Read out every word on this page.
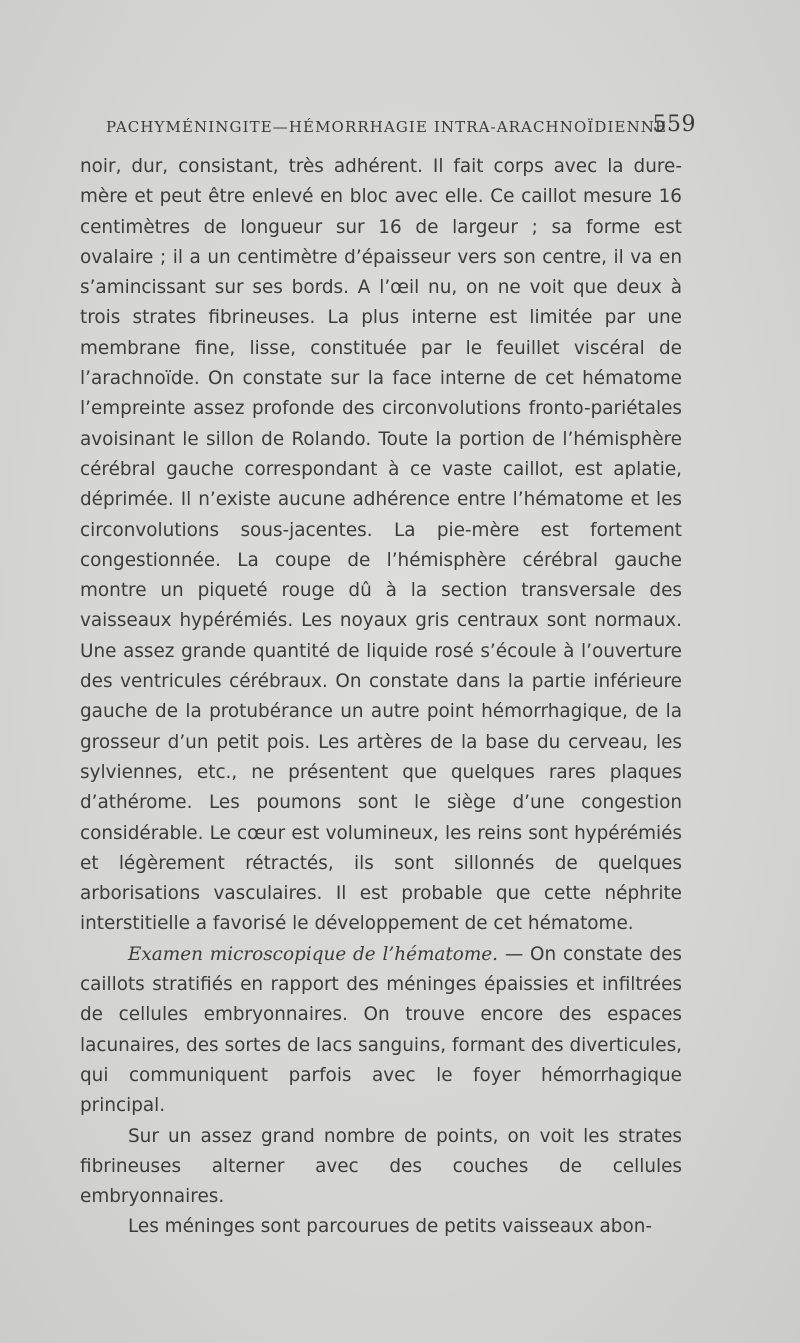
PACHYMÉNINGITE—HÉMORRHAGIE INTRA-ARACHNOÏDIENNE
559

noir, dur, consistant, très adhérent. Il fait corps avec la dure-mère et peut être enlevé en bloc avec elle. Ce caillot mesure 16 centimètres de longueur sur 16 de largeur ; sa forme est ovalaire ; il a un centimètre d’épaisseur vers son centre, il va en s’amincissant sur ses bords. A l’œil nu, on ne voit que deux à trois strates fibrineuses. La plus interne est limitée par une membrane fine, lisse, constituée par le feuillet viscéral de l’arachnoïde. On constate sur la face interne de cet hématome l’empreinte assez profonde des circonvolutions fronto-pariétales avoisinant le sillon de Rolando. Toute la portion de l’hémisphère cérébral gauche correspondant à ce vaste caillot, est aplatie, déprimée. Il n’existe aucune adhérence entre l’hématome et les circonvolutions sous-jacentes. La pie-mère est fortement congestionnée. La coupe de l’hémisphère cérébral gauche montre un piqueté rouge dû à la section transversale des vaisseaux hypérémiés. Les noyaux gris centraux sont normaux. Une assez grande quantité de liquide rosé s’écoule à l’ouverture des ventricules cérébraux. On constate dans la partie inférieure gauche de la protubérance un autre point hémorrhagique, de la grosseur d’un petit pois. Les artères de la base du cerveau, les sylviennes, etc., ne présentent que quelques rares plaques d’athérome. Les poumons sont le siège d’une congestion considérable. Le cœur est volumineux, les reins sont hypérémiés et légèrement rétractés, ils sont sillonnés de quelques arborisations vasculaires. Il est probable que cette néphrite interstitielle a favorisé le développement de cet hématome.

Examen microscopique de l’hématome. — On constate des caillots stratifiés en rapport des méninges épaissies et infiltrées de cellules embryonnaires. On trouve encore des espaces lacunaires, des sortes de lacs sanguins, formant des diverticules, qui communiquent parfois avec le foyer hémorrhagique principal.

Sur un assez grand nombre de points, on voit les strates fibrineuses alterner avec des couches de cellules embryonnaires.

Les méninges sont parcourues de petits vaisseaux abon-
